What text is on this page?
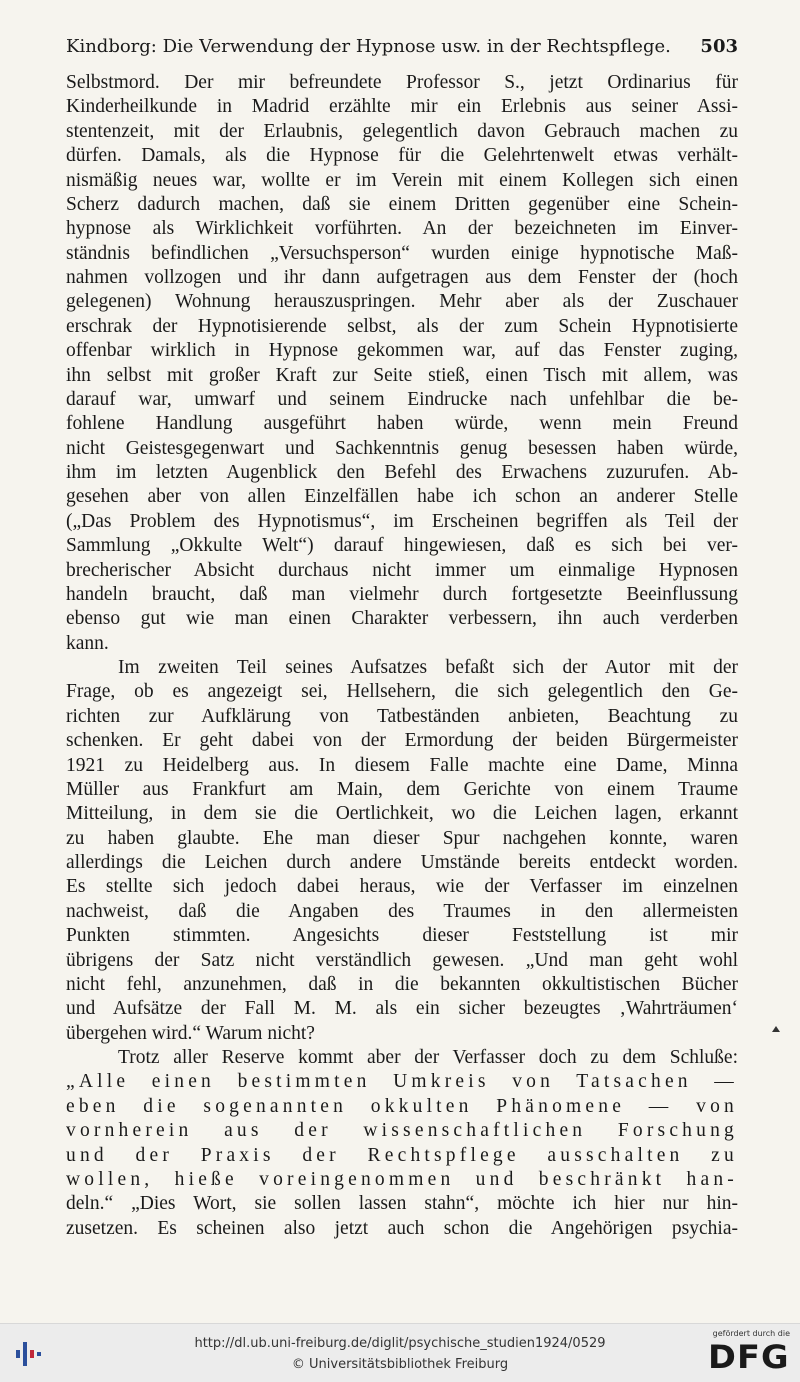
Kindborg: Die Verwendung der Hypnose usw. in der Rechtspflege. 503
Selbstmord. Der mir befreundete Professor S., jetzt Ordinarius für
Kinderheilkunde in Madrid erzählte mir ein Erlebnis aus seiner Assi-
stentenzeit, mit der Erlaubnis, gelegentlich davon Gebrauch machen zu
dürfen. Damals, als die Hypnose für die Gelehrtenwelt etwas verhält-
nismäßig neues war, wollte er im Verein mit einem Kollegen sich einen
Scherz dadurch machen, daß sie einem Dritten gegenüber eine Schein-
hypnose als Wirklichkeit vorführten. An der bezeichneten im Einver-
ständnis befindlichen „Versuchsperson“ wurden einige hypnotische Maß-
nahmen vollzogen und ihr dann aufgetragen aus dem Fenster der (hoch
gelegenen) Wohnung herauszuspringen. Mehr aber als der Zuschauer
erschrak der Hypnotisierende selbst, als der zum Schein Hypnotisierte
offenbar wirklich in Hypnose gekommen war, auf das Fenster zuging,
ihn selbst mit großer Kraft zur Seite stieß, einen Tisch mit allem, was
darauf war, umwarf und seinem Eindrucke nach unfehlbar die be-
fohlene Handlung ausgeführt haben würde, wenn mein Freund
nicht Geistesgegenwart und Sachkenntnis genug besessen haben würde,
ihm im letzten Augenblick den Befehl des Erwachens zuzurufen. Ab-
gesehen aber von allen Einzelfällen habe ich schon an anderer Stelle
(„Das Problem des Hypnotismus“, im Erscheinen begriffen als Teil der
Sammlung „Okkulte Welt“) darauf hingewiesen, daß es sich bei ver-
brecherischer Absicht durchaus nicht immer um einmalige Hypnosen
handeln braucht, daß man vielmehr durch fortgesetzte Beeinflussung
ebenso gut wie man einen Charakter verbessern, ihn auch verderben
kann.
Im zweiten Teil seines Aufsatzes befaßt sich der Autor mit der
Frage, ob es angezeigt sei, Hellsehern, die sich gelegentlich den Ge-
richten zur Aufklärung von Tatbeständen anbieten, Beachtung zu
schenken. Er geht dabei von der Ermordung der beiden Bürgermeister
1921 zu Heidelberg aus. In diesem Falle machte eine Dame, Minna
Müller aus Frankfurt am Main, dem Gerichte von einem Traume
Mitteilung, in dem sie die Oertlichkeit, wo die Leichen lagen, erkannt
zu haben glaubte. Ehe man dieser Spur nachgehen konnte, waren
allerdings die Leichen durch andere Umstände bereits entdeckt worden.
Es stellte sich jedoch dabei heraus, wie der Verfasser im einzelnen
nachweist, daß die Angaben des Traumes in den allermeisten
Punkten stimmten. Angesichts dieser Feststellung ist mir
übrigens der Satz nicht verständlich gewesen. „Und man geht wohl
nicht fehl, anzunehmen, daß in die bekannten okkultistischen Bücher
und Aufsätze der Fall M. M. als ein sicher bezeugtes ‚Wahrträumen‘
übergehen wird.“ Warum nicht?
Trotz aller Reserve kommt aber der Verfasser doch zu dem Schluße:
„Alle einen bestimmten Umkreis von Tatsachen —
eben die sogenannten okkulten Phänomene — von
vornherein aus der wissenschaftlichen Forschung
und der Praxis der Rechtspflege ausschalten zu
wollen, hieße voreingenommen und beschränkt han-
deln.“ „Dies Wort, sie sollen lassen stahn“, möchte ich hier nur hin-
zusetzen. Es scheinen also jetzt auch schon die Angehörigen psychia-
http://dl.ub.uni-freiburg.de/diglit/psychische_studien1924/0529
© Universitätsbibliothek Freiburg
gefördert durch die
DFG
